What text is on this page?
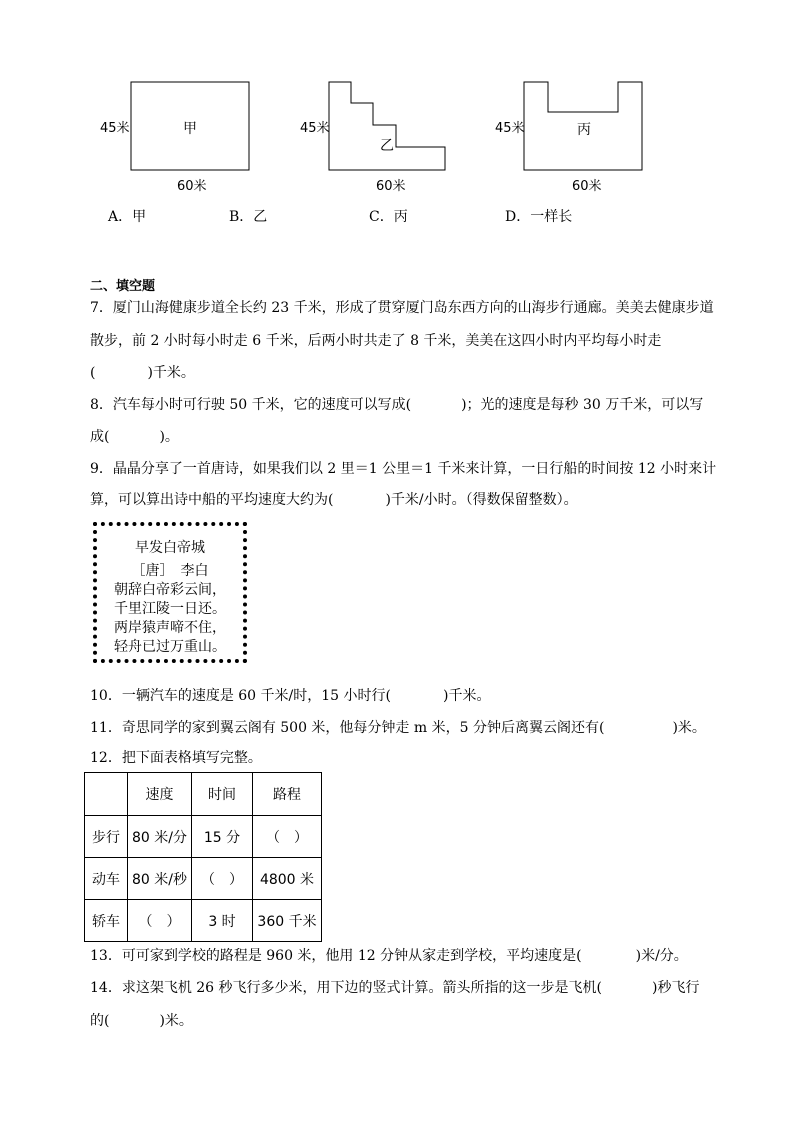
45米	甲
60米
45米
乙
60米
45米	丙
60米
A．甲	B．乙	C．丙	D．一样长
二、填空题
7．厦门山海健康步道全长约 23 千米，形成了贯穿厦门岛东西方向的山海步行通廊。美美去健康步道
散步，前 2 小时每小时走 6 千米，后两小时共走了 8 千米，美美在这四小时内平均每小时走
(	)千米。
8．汽车每小时可行驶 50 千米，它的速度可以写成(	)；光的速度是每秒 30 万千米，可以写
成(	)。
9．晶晶分享了一首唐诗，如果我们以 2 里＝1 公里＝1 千米来计算，一日行船的时间按 12 小时来计
算，可以算出诗中船的平均速度大约为(	)千米/小时。（得数保留整数）。
早发白帝城
［唐］　李白
朝辞白帝彩云间，
千里江陵一日还。
两岸猿声啼不住，
轻舟已过万重山。
10．一辆汽车的速度是 60 千米/时，15 小时行(	)千米。
11．奇思同学的家到翼云阁有 500 米，他每分钟走 m 米，5 分钟后离翼云阁还有(	)米。
12．把下面表格填写完整。
	速度	时间	路程
步行	80 米/分	15 分	（　）
动车	80 米/秒	（　）	4800 米
轿车	（　）	3 时	360 千米
13．可可家到学校的路程是 960 米，他用 12 分钟从家走到学校，平均速度是(	)米/分。
14．求这架飞机 26 秒飞行多少米，用下边的竖式计算。箭头所指的这一步是飞机(	)秒飞行
的(	)米。
